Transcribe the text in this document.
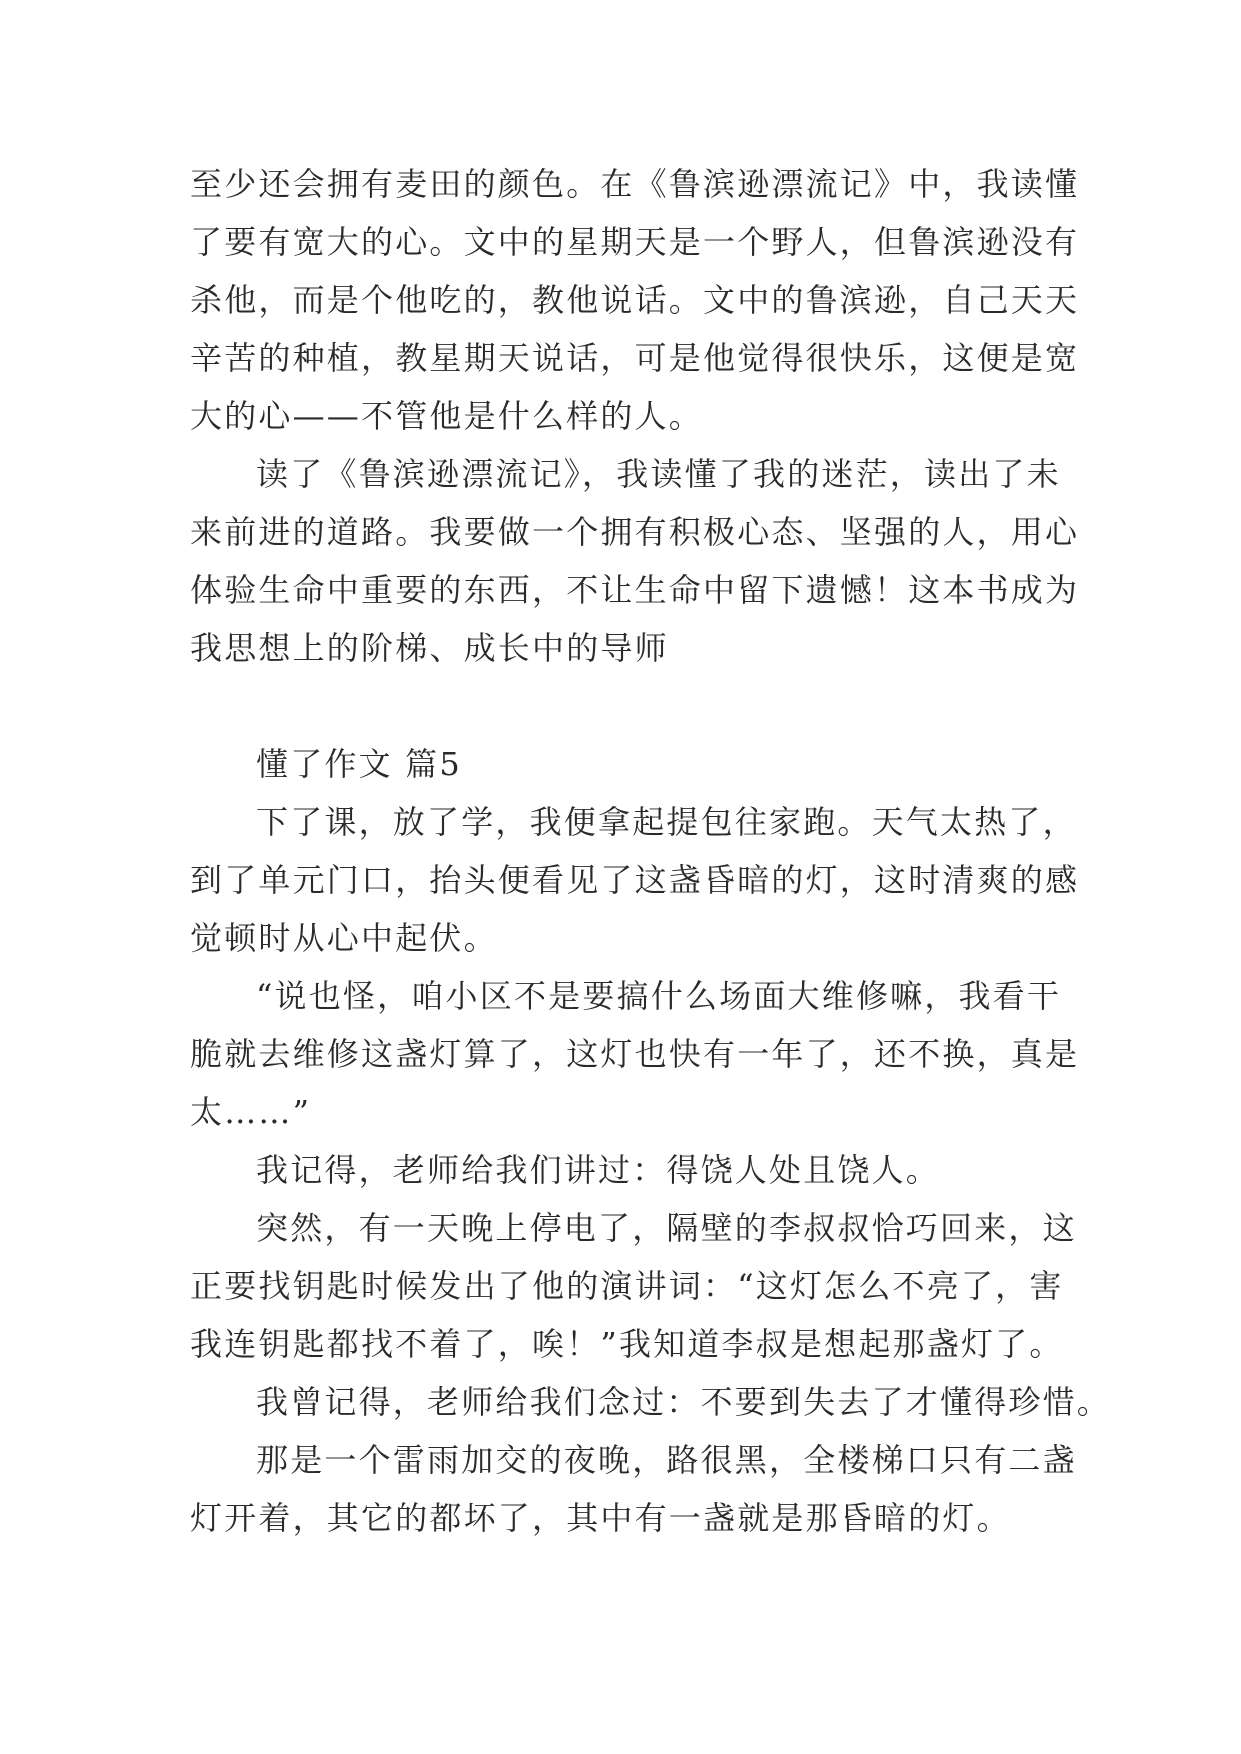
至少还会拥有麦田的颜色。在《鲁滨逊漂流记》中，我读懂
了要有宽大的心。文中的星期天是一个野人，但鲁滨逊没有
杀他，而是个他吃的，教他说话。文中的鲁滨逊，自己天天
辛苦的种植，教星期天说话，可是他觉得很快乐，这便是宽
大的心——不管他是什么样的人。
读了《鲁滨逊漂流记》，我读懂了我的迷茫，读出了未
来前进的道路。我要做一个拥有积极心态、坚强的人，用心
体验生命中重要的东西，不让生命中留下遗憾！这本书成为
我思想上的阶梯、成长中的导师
懂了作文 篇5
下了课，放了学，我便拿起提包往家跑。天气太热了，
到了单元门口，抬头便看见了这盏昏暗的灯，这时清爽的感
觉顿时从心中起伏。
“说也怪，咱小区不是要搞什么场面大维修嘛，我看干
脆就去维修这盏灯算了，这灯也快有一年了，还不换，真是
太……”
我记得，老师给我们讲过：得饶人处且饶人。
突然，有一天晚上停电了，隔壁的李叔叔恰巧回来，这
正要找钥匙时候发出了他的演讲词：“这灯怎么不亮了，害
我连钥匙都找不着了，唉！”我知道李叔是想起那盏灯了。
我曾记得，老师给我们念过：不要到失去了才懂得珍惜。
那是一个雷雨加交的夜晚，路很黑，全楼梯口只有二盏
灯开着，其它的都坏了，其中有一盏就是那昏暗的灯。
